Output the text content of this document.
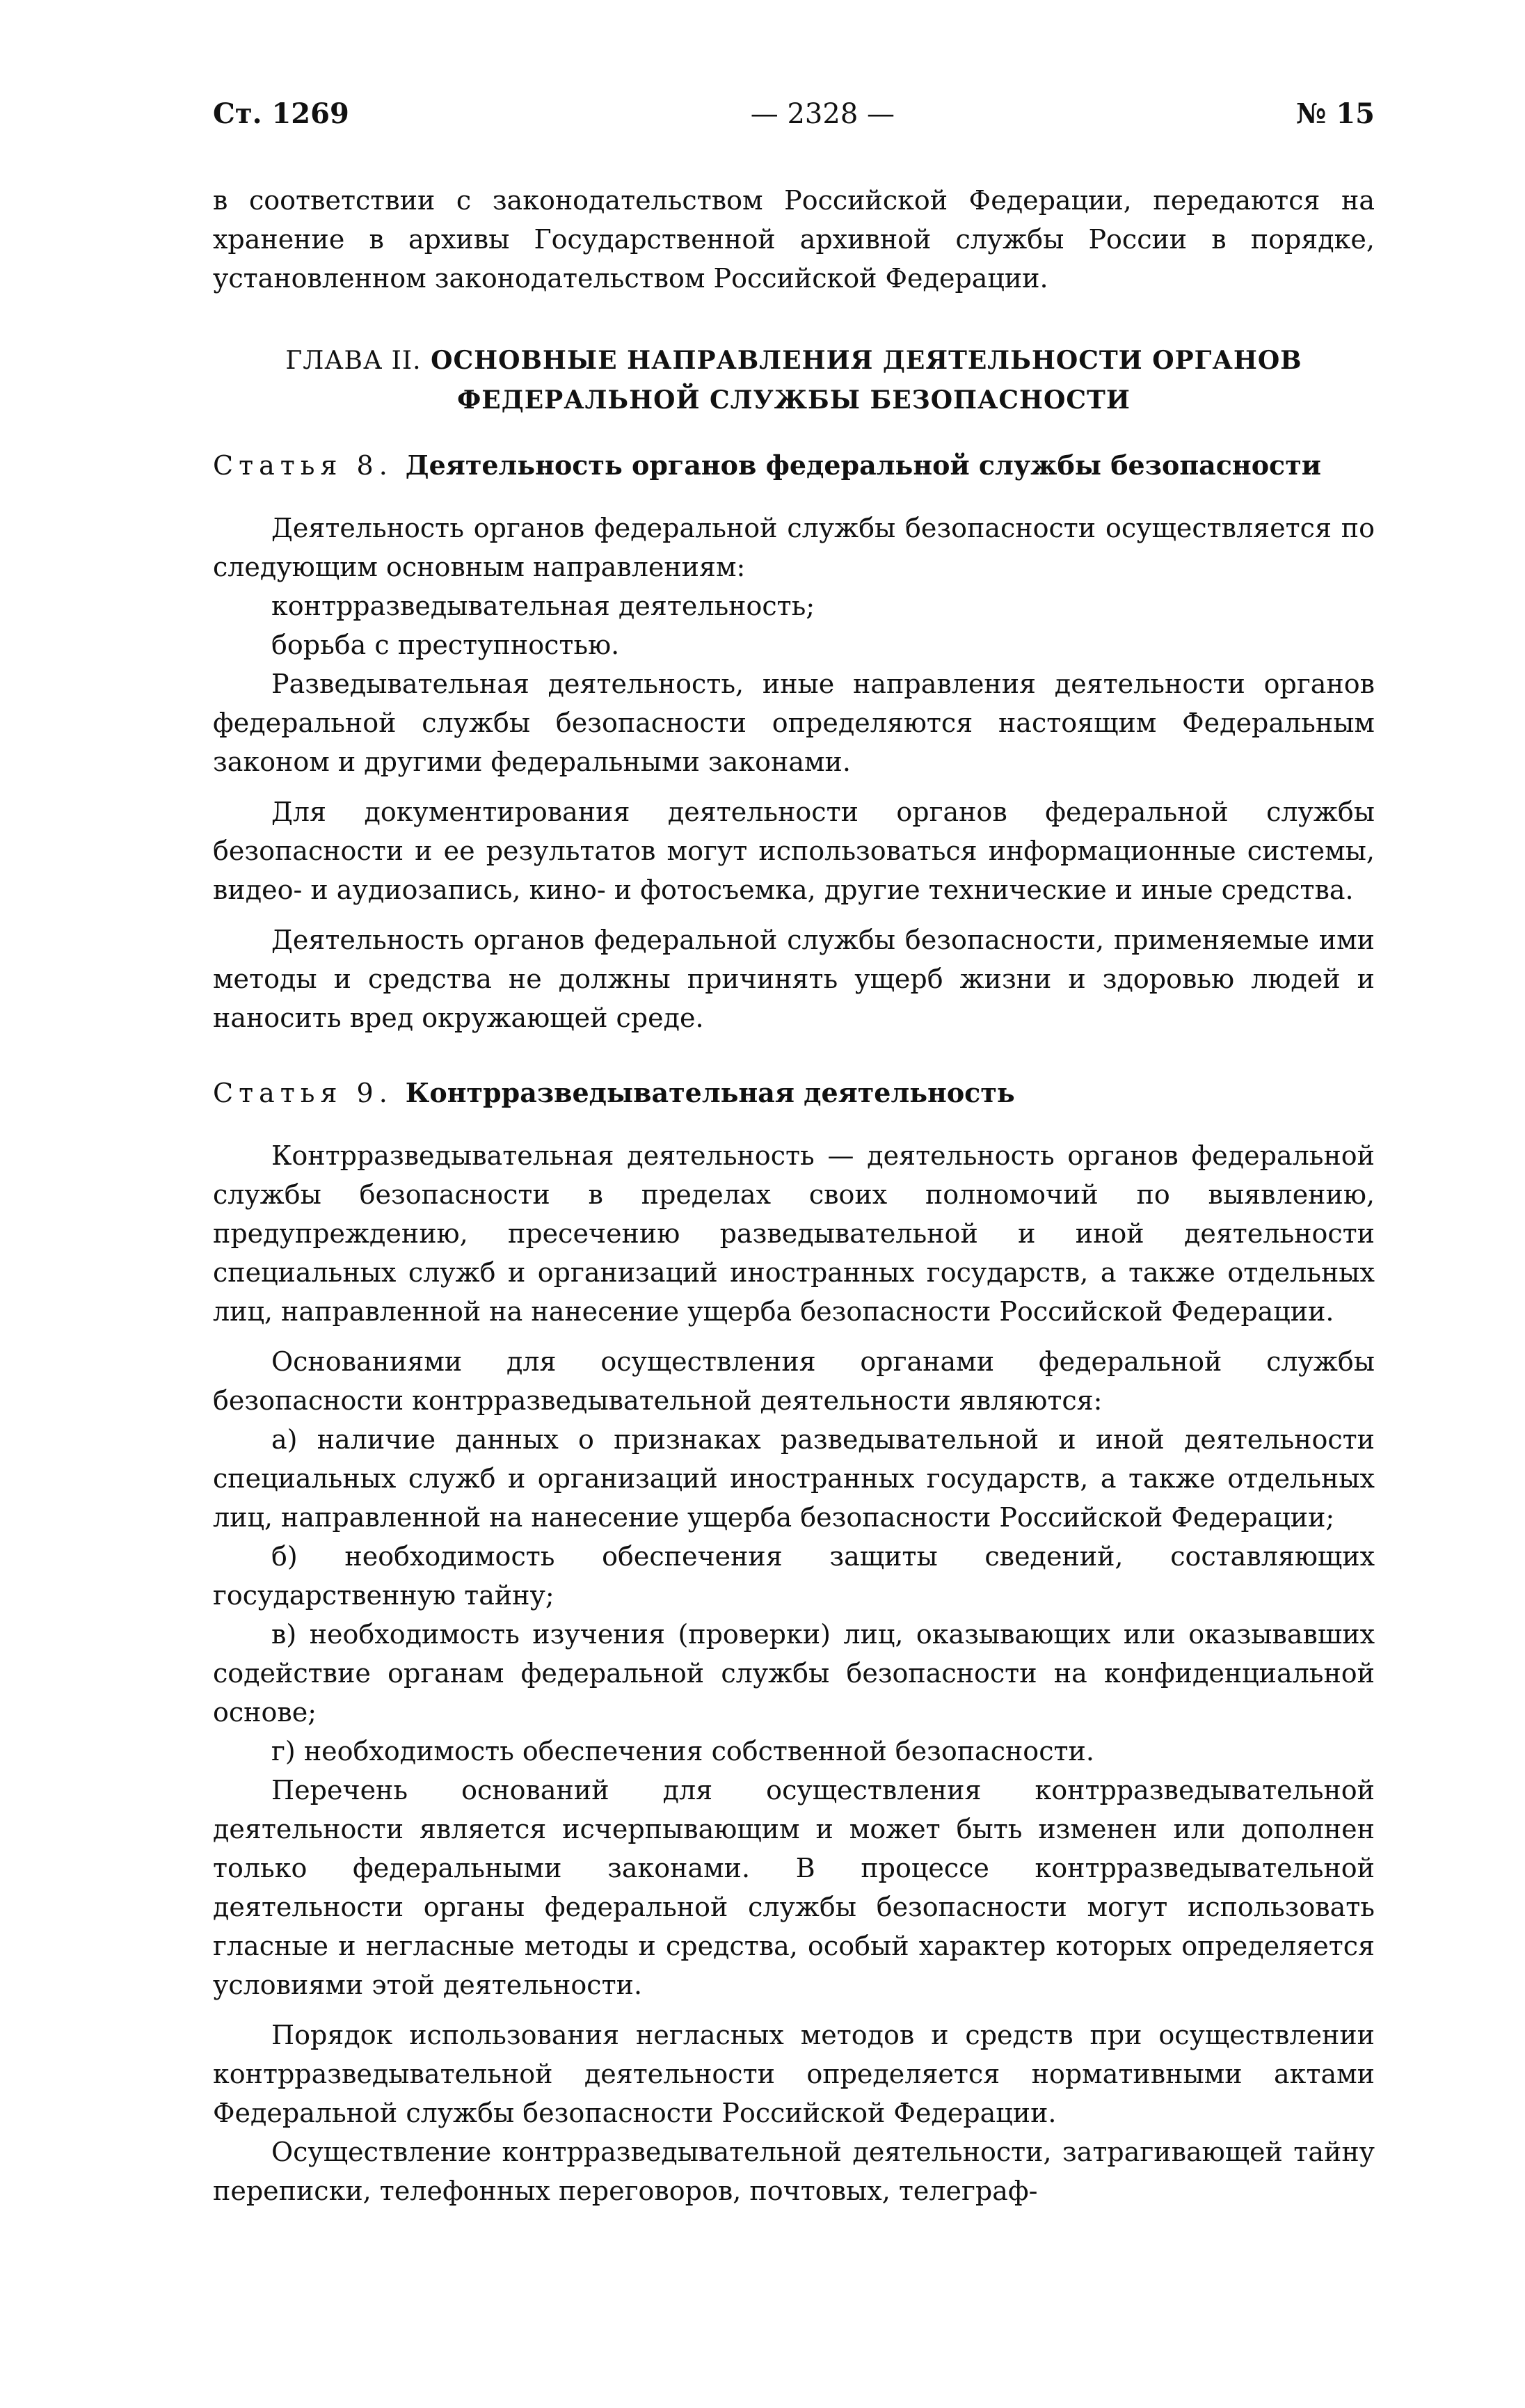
Ст. 1269	— 2328 —	№ 15

в соответствии с законодательством Российской Федерации, передаются на хранение в архивы Государственной архивной службы России в порядке, установленном законодательством Российской Федерации.

ГЛАВА II. ОСНОВНЫЕ НАПРАВЛЕНИЯ ДЕЯТЕЛЬНОСТИ ОРГАНОВ
ФЕДЕРАЛЬНОЙ СЛУЖБЫ БЕЗОПАСНОСТИ
Статья 8. Деятельность органов федеральной службы безопасности

Деятельность органов федеральной службы безопасности осуществляется по следующим основным направлениям:

контрразведывательная деятельность;

борьба с преступностью.

Разведывательная деятельность, иные направления деятельности органов федеральной службы безопасности определяются настоящим Федеральным законом и другими федеральными законами.

Для документирования деятельности органов федеральной службы безопасности и ее результатов могут использоваться информационные системы, видео- и аудиозапись, кино- и фотосъемка, другие технические и иные средства.

Деятельность органов федеральной службы безопасности, применяемые ими методы и средства не должны причинять ущерб жизни и здоровью людей и наносить вред окружающей среде.

Статья 9. Контрразведывательная деятельность

Контрразведывательная деятельность — деятельность органов федеральной службы безопасности в пределах своих полномочий по выявлению, предупреждению, пресечению разведывательной и иной деятельности специальных служб и организаций иностранных государств, а также отдельных лиц, направленной на нанесение ущерба безопасности Российской Федерации.

Основаниями для осуществления органами федеральной службы безопасности контрразведывательной деятельности являются:

а) наличие данных о признаках разведывательной и иной деятельности специальных служб и организаций иностранных государств, а также отдельных лиц, направленной на нанесение ущерба безопасности Российской Федерации;

б) необходимость обеспечения защиты сведений, составляющих государственную тайну;

в) необходимость изучения (проверки) лиц, оказывающих или оказывавших содействие органам федеральной службы безопасности на конфиденциальной основе;

г) необходимость обеспечения собственной безопасности.

Перечень оснований для осуществления контрразведывательной деятельности является исчерпывающим и может быть изменен или дополнен только федеральными законами. В процессе контрразведывательной деятельности органы федеральной службы безопасности могут использовать гласные и негласные методы и средства, особый характер которых определяется условиями этой деятельности.

Порядок использования негласных методов и средств при осуществлении контрразведывательной деятельности определяется нормативными актами Федеральной службы безопасности Российской Федерации.

Осуществление контрразведывательной деятельности, затрагивающей тайну переписки, телефонных переговоров, почтовых, телеграф-
